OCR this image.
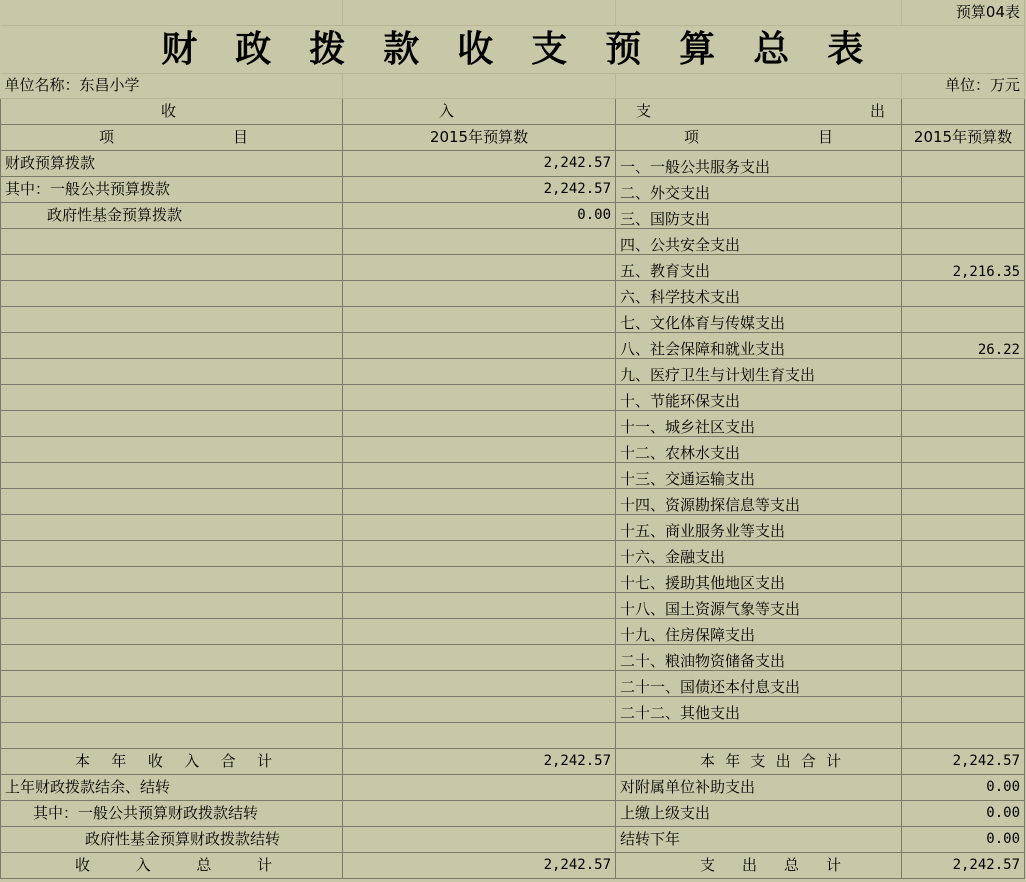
			预算04表
财政拨款收支预算总表			
单位名称：东昌小学			单位：万元
收	入	支 出	

项 目	2015年预算数	项 目	2015年预算数
财政预算拨款	2,242.57	一、一般公共服务支出	
其中：一般公共预算拨款	2,242.57	二、外交支出	
政府性基金预算拨款	0.00	三、国防支出	
		四、公共安全支出	
		五、教育支出	2,216.35
		六、科学技术支出	
		七、文化体育与传媒支出	
		八、社会保障和就业支出	26.22
		九、医疗卫生与计划生育支出	
		十、节能环保支出	
		十一、城乡社区支出	
		十二、农林水支出	
		十三、交通运输支出	
		十四、资源勘探信息等支出	
		十五、商业服务业等支出	
		十六、金融支出	
		十七、援助其他地区支出	
		十八、国土资源气象等支出	
		十九、住房保障支出	
		二十、粮油物资储备支出	
		二十一、国债还本付息支出	
		二十二、其他支出	

本年收入合计	2,242.57	本年支出合计	2,242.57
上年财政拨款结余、结转		对附属单位补助支出	0.00
其中：一般公共预算财政拨款结转		上缴上级支出	0.00
政府性基金预算财政拨款结转		结转下年	0.00
收入总计	2,242.57	支出总计	2,242.57
